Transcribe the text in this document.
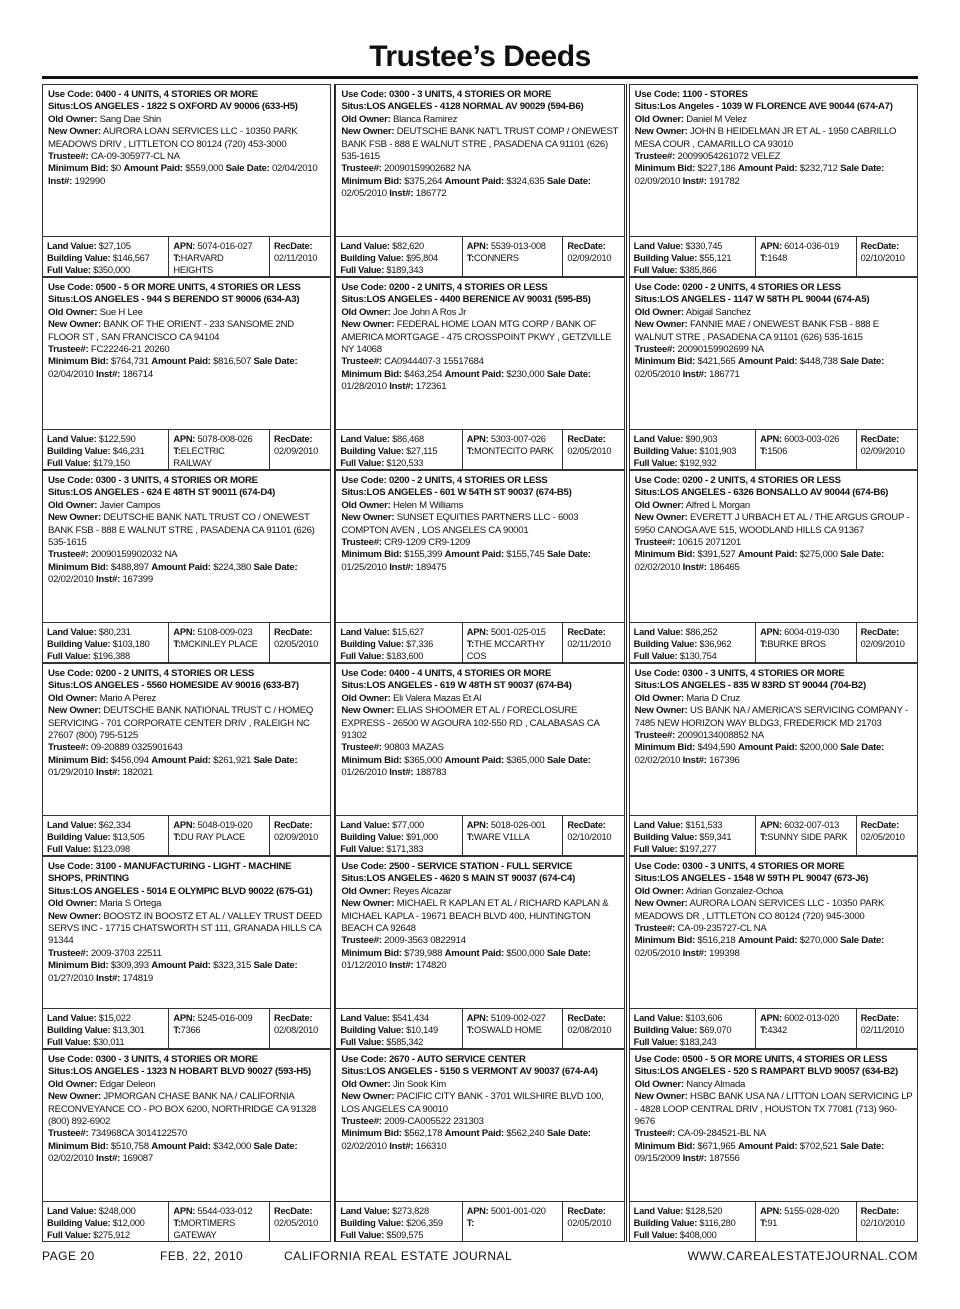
Trustee’s Deeds
Use Code: 0400 - 4 UNITS, 4 STORIES OR MORE
Situs:LOS ANGELES - 1822 S OXFORD AV 90006 (633-H5)
Old Owner: Sang Dae Shin
New Owner: AURORA LOAN SERVICES LLC - 10350 PARK MEADOWS DRIV , LITTLETON CO 80124 (720) 453-3000
Trustee#: CA-09-305977-CL NA
Minimum Bid: $0 Amount Paid: $559,000 Sale Date: 02/04/2010 Inst#: 192990
Land Value: $27,105
Building Value: $146,567
Full Value: $350,000
APN: 5074-016-027
T:HARVARD HEIGHTS
RecDate:
02/11/2010
Use Code: 0300 - 3 UNITS, 4 STORIES OR MORE
Situs:LOS ANGELES - 4128 NORMAL AV 90029 (594-B6)
Old Owner: Blanca Ramirez
New Owner: DEUTSCHE BANK NAT'L TRUST COMP / ONEWEST BANK FSB - 888 E WALNUT STRE , PASADENA CA 91101 (626) 535-1615
Trustee#: 20090159902682 NA
Minimum Bid: $375,264 Amount Paid: $324,635 Sale Date: 02/05/2010 Inst#: 186772
Land Value: $82,620
Building Value: $95,804
Full Value: $189,343
APN: 5539-013-008
T:CONNERS
RecDate:
02/09/2010
Use Code: 1100 - STORES
Situs:Los Angeles - 1039 W FLORENCE AVE 90044 (674-A7)
Old Owner: Daniel M Velez
New Owner: JOHN B HEIDELMAN JR ET AL - 1950 CABRILLO MESA COUR , CAMARILLO CA 93010
Trustee#: 20099054261072 VELEZ
Minimum Bid: $227,186 Amount Paid: $232,712 Sale Date: 02/09/2010 Inst#: 191782
Land Value: $330,745
Building Value: $55,121
Full Value: $385,866
APN: 6014-036-019
T:1648
RecDate:
02/10/2010
Use Code: 0500 - 5 OR MORE UNITS, 4 STORIES OR LESS
Situs:LOS ANGELES - 944 S BERENDO ST 90006 (634-A3)
Old Owner: Sue H Lee
New Owner: BANK OF THE ORIENT - 233 SANSOME 2ND FLOOR ST , SAN FRANCISCO CA 94104
Trustee#: FC22246-21 20260
Minimum Bid: $764,731 Amount Paid: $816,507 Sale Date: 02/04/2010 Inst#: 186714
Land Value: $122,590
Building Value: $46,231
Full Value: $179,150
APN: 5078-008-026
T:ELECTRIC RAILWAY
RecDate:
02/09/2010
Use Code: 0200 - 2 UNITS, 4 STORIES OR LESS
Situs:LOS ANGELES - 4400 BERENICE AV 90031 (595-B5)
Old Owner: Joe John A Ros Jr
New Owner: FEDERAL HOME LOAN MTG CORP / BANK OF AMERICA MORTGAGE - 475 CROSSPOINT PKWY , GETZVILLE NY 14068
Trustee#: CA0944407-3 15517684
Minimum Bid: $463,254 Amount Paid: $230,000 Sale Date: 01/28/2010 Inst#: 172361
Land Value: $86,468
Building Value: $27,115
Full Value: $120,533
APN: 5303-007-026
T:MONTECITO PARK
RecDate:
02/05/2010
Use Code: 0200 - 2 UNITS, 4 STORIES OR LESS
Situs:LOS ANGELES - 1147 W 58TH PL 90044 (674-A5)
Old Owner: Abigail Sanchez
New Owner: FANNIE MAE / ONEWEST BANK FSB - 888 E WALNUT STRE , PASADENA CA 91101 (626) 535-1615
Trustee#: 20090159902699 NA
Minimum Bid: $421,565 Amount Paid: $448,738 Sale Date: 02/05/2010 Inst#: 186771
Land Value: $90,903
Building Value: $101,903
Full Value: $192,932
APN: 6003-003-026
T:1506
RecDate:
02/09/2010
Use Code: 0300 - 3 UNITS, 4 STORIES OR MORE
Situs:LOS ANGELES - 624 E 48TH ST 90011 (674-D4)
Old Owner: Javier Campos
New Owner: DEUTSCHE BANK NATL TRUST CO / ONEWEST BANK FSB - 888 E WALNUT STRE , PASADENA CA 91101 (626) 535-1615
Trustee#: 20090159902032 NA
Minimum Bid: $488,897 Amount Paid: $224,380 Sale Date: 02/02/2010 Inst#: 167399
Land Value: $80,231
Building Value: $103,180
Full Value: $196,388
APN: 5108-009-023
T:MCKINLEY PLACE
RecDate:
02/05/2010
Use Code: 0200 - 2 UNITS, 4 STORIES OR LESS
Situs:LOS ANGELES - 601 W 54TH ST 90037 (674-B5)
Old Owner: Helen M Williams
New Owner: SUNSET EQUITIES PARTNERS LLC - 6003 COMPTON AVEN , LOS ANGELES CA 90001
Trustee#: CR9-1209 CR9-1209
Minimum Bid: $155,399 Amount Paid: $155,745 Sale Date: 01/25/2010 Inst#: 189475
Land Value: $15,627
Building Value: $7,336
Full Value: $183,600
APN: 5001-025-015
T:THE MCCARTHY COS
RecDate:
02/11/2010
Use Code: 0200 - 2 UNITS, 4 STORIES OR LESS
Situs:LOS ANGELES - 6326 BONSALLO AV 90044 (674-B6)
Old Owner: Alfred L Morgan
New Owner: EVERETT J URBACH ET AL / THE ARGUS GROUP - 5950 CANOGA AVE 515, WOODLAND HILLS CA 91367
Trustee#: 10615 2071201
Minimum Bid: $391,527 Amount Paid: $275,000 Sale Date: 02/02/2010 Inst#: 186465
Land Value: $86,252
Building Value: $36,962
Full Value: $130,754
APN: 6004-019-030
T:BURKE BROS
RecDate:
02/09/2010
Use Code: 0200 - 2 UNITS, 4 STORIES OR LESS
Situs:LOS ANGELES - 5560 HOMESIDE AV 90016 (633-B7)
Old Owner: Mario A Perez
New Owner: DEUTSCHE BANK NATIONAL TRUST C / HOMEQ SERVICING - 701 CORPORATE CENTER DRIV , RALEIGH NC 27607 (800) 795-5125
Trustee#: 09-20889 0325901643
Minimum Bid: $456,094 Amount Paid: $261,921 Sale Date: 01/29/2010 Inst#: 182021
Land Value: $62,334
Building Value: $13,505
Full Value: $123,098
APN: 5048-019-020
T:DU RAY PLACE
RecDate:
02/09/2010
Use Code: 0400 - 4 UNITS, 4 STORIES OR MORE
Situs:LOS ANGELES - 619 W 48TH ST 90037 (674-B4)
Old Owner: Eli Valera Mazas Et Al
New Owner: ELIAS SHOOMER ET AL / FORECLOSURE EXPRESS - 26500 W AGOURA 102-550 RD , CALABASAS CA 91302
Trustee#: 90803 MAZAS
Minimum Bid: $365,000 Amount Paid: $365,000 Sale Date: 01/26/2010 Inst#: 188783
Land Value: $77,000
Building Value: $91,000
Full Value: $171,383
APN: 5018-026-001
T:WARE V1LLA
RecDate:
02/10/2010
Use Code: 0300 - 3 UNITS, 4 STORIES OR MORE
Situs:LOS ANGELES - 835 W 83RD ST 90044 (704-B2)
Old Owner: Maria D Cruz
New Owner: US BANK NA / AMERICA'S SERVICING COMPANY - 7485 NEW HORIZON WAY BLDG3, FREDERICK MD 21703
Trustee#: 20090134008852 NA
Minimum Bid: $494,590 Amount Paid: $200,000 Sale Date: 02/02/2010 Inst#: 167396
Land Value: $151,533
Building Value: $59,341
Full Value: $197,277
APN: 6032-007-013
T:SUNNY SIDE PARK
RecDate:
02/05/2010
Use Code: 3100 - MANUFACTURING - LIGHT - MACHINE SHOPS, PRINTING
Situs:LOS ANGELES - 5014 E OLYMPIC BLVD 90022 (675-G1)
Old Owner: Maria S Ortega
New Owner: BOOSTZ IN BOOSTZ ET AL / VALLEY TRUST DEED SERVS INC - 17715 CHATSWORTH ST 111, GRANADA HILLS CA 91344
Trustee#: 2009-3703 22511
Minimum Bid: $309,393 Amount Paid: $323,315 Sale Date: 01/27/2010 Inst#: 174819
Land Value: $15,022
Building Value: $13,301
Full Value: $30,011
APN: 5245-016-009
T:7366
RecDate:
02/08/2010
Use Code: 2500 - SERVICE STATION - FULL SERVICE
Situs:LOS ANGELES - 4620 S MAIN ST 90037 (674-C4)
Old Owner: Reyes Alcazar
New Owner: MICHAEL R KAPLAN ET AL / RICHARD KAPLAN & MICHAEL KAPLA - 19671 BEACH BLVD 400, HUNTINGTON BEACH CA 92648
Trustee#: 2009-3563 0822914
Minimum Bid: $739,988 Amount Paid: $500,000 Sale Date: 01/12/2010 Inst#: 174820
Land Value: $541,434
Building Value: $10,149
Full Value: $585,342
APN: 5109-002-027
T:OSWALD HOME
RecDate:
02/08/2010
Use Code: 0300 - 3 UNITS, 4 STORIES OR MORE
Situs:LOS ANGELES - 1548 W 59TH PL 90047 (673-J6)
Old Owner: Adrian Gonzalez-Ochoa
New Owner: AURORA LOAN SERVICES LLC - 10350 PARK MEADOWS DR , LITTLETON CO 80124 (720) 945-3000
Trustee#: CA-09-235727-CL NA
Minimum Bid: $516,218 Amount Paid: $270,000 Sale Date: 02/05/2010 Inst#: 199398
Land Value: $103,606
Building Value: $69,070
Full Value: $183,243
APN: 6002-013-020
T:4342
RecDate:
02/11/2010
Use Code: 0300 - 3 UNITS, 4 STORIES OR MORE
Situs:LOS ANGELES - 1323 N HOBART BLVD 90027 (593-H5)
Old Owner: Edgar Deleon
New Owner: JPMORGAN CHASE BANK NA / CALIFORNIA RECONVEYANCE CO - PO BOX 6200, NORTHRIDGE CA 91328 (800) 892-6902
Trustee#: 734968CA 3014122570
Minimum Bid: $510,758 Amount Paid: $342,000 Sale Date: 02/02/2010 Inst#: 169087
Land Value: $248,000
Building Value: $12,000
Full Value: $275,912
APN: 5544-033-012
T:MORTIMERS GATEWAY
RecDate:
02/05/2010
Use Code: 2670 - AUTO SERVICE CENTER
Situs:LOS ANGELES - 5150 S VERMONT AV 90037 (674-A4)
Old Owner: Jin Sook Kim
New Owner: PACIFIC CITY BANK - 3701 WILSHIRE BLVD 100, LOS ANGELES CA 90010
Trustee#: 2009-CA005522 231303
Minimum Bid: $562,178 Amount Paid: $562,240 Sale Date: 02/02/2010 Inst#: 166310
Land Value: $273,828
Building Value: $206,359
Full Value: $509,575
APN: 5001-001-020
T:
RecDate:
02/05/2010
Use Code: 0500 - 5 OR MORE UNITS, 4 STORIES OR LESS
Situs:LOS ANGELES - 520 S RAMPART BLVD 90057 (634-B2)
Old Owner: Nancy Almada
New Owner: HSBC BANK USA NA / LITTON LOAN SERVICING LP - 4828 LOOP CENTRAL DRIV , HOUSTON TX 77081 (713) 960-9676
Trustee#: CA-09-284521-BL NA
Minimum Bid: $671,965 Amount Paid: $702,521 Sale Date: 09/15/2009 Inst#: 187556
Land Value: $128,520
Building Value: $116,280
Full Value: $408,000
APN: 5155-028-020
T:91
RecDate:
02/10/2010
PAGE 20	FEB. 22, 2010	CALIFORNIA REAL ESTATE JOURNAL	WWW.CAREALESTATEJOURNAL.COM
